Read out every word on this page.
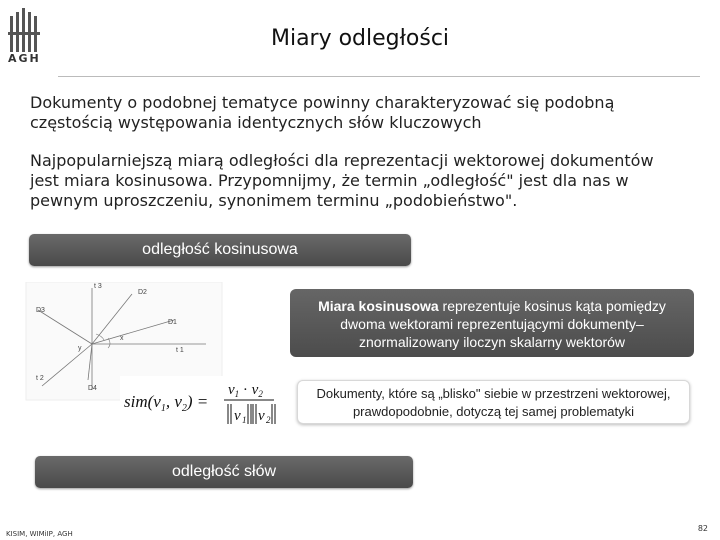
AGH
Miary odległości
Dokumenty o podobnej tematyce powinny charakteryzować się podobną częstością występowania identycznych słów kluczowych
Najpopularniejszą miarą odległości dla reprezentacji wektorowej dokumentów jest miara kosinusowa. Przypomnijmy, że termin „odległość" jest dla nas w pewnym uproszczeniu, synonimem terminu „podobieństwo".
odległość kosinusowa
t 3
t 1
t 2
D2
D1
D3
D4
x
y
$sim(v_1$, $v_2$) =
$v_1 \cdot v_2$
v 1 v 2
Miara kosinusowa reprezentuje kosinus kąta pomiędzy
dwoma wektorami reprezentującymi dokumenty–
znormalizowany iloczyn skalarny wektorów
Dokumenty, które są „blisko" siebie w przestrzeni wektorowej,
prawdopodobnie, dotyczą tej samej problematyki
odległość słów
KISIM, WIMiIP, AGH
82
